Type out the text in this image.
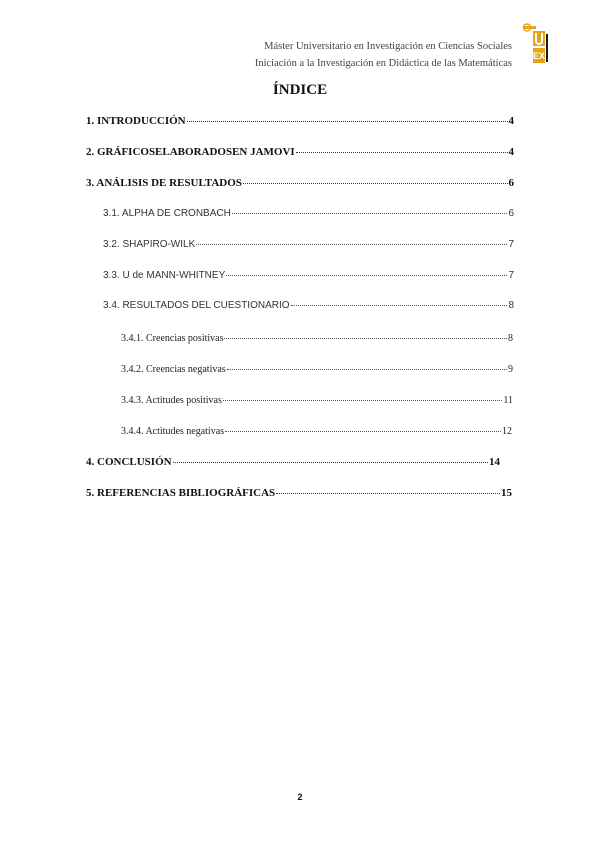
Máster Universitario en Investigación en Ciencias Sociales
Iniciación a la Investigación en Didáctica de las Matemáticas
EX
ÍNDICE
1. INTRODUCCIÓN	4
2. GRÁFICOSELABORADOSEN JAMOVI	4
3. ANÁLISIS DE RESULTADOS	6
3.1. ALPHA DE CRONBACH	6
3.2. SHAPIRO-WILK	7
3.3. U de MANN-WHITNEY	7
3.4. RESULTADOS DEL CUESTIONARIO	8
3.4.1. Creencias positivas	8
3.4.2. Creencias negativas	9
3.4.3. Actitudes positivas	11
3.4.4. Actitudes negativas	12
4. CONCLUSIÓN	14
5. REFERENCIAS BIBLIOGRÁFICAS	15
2
